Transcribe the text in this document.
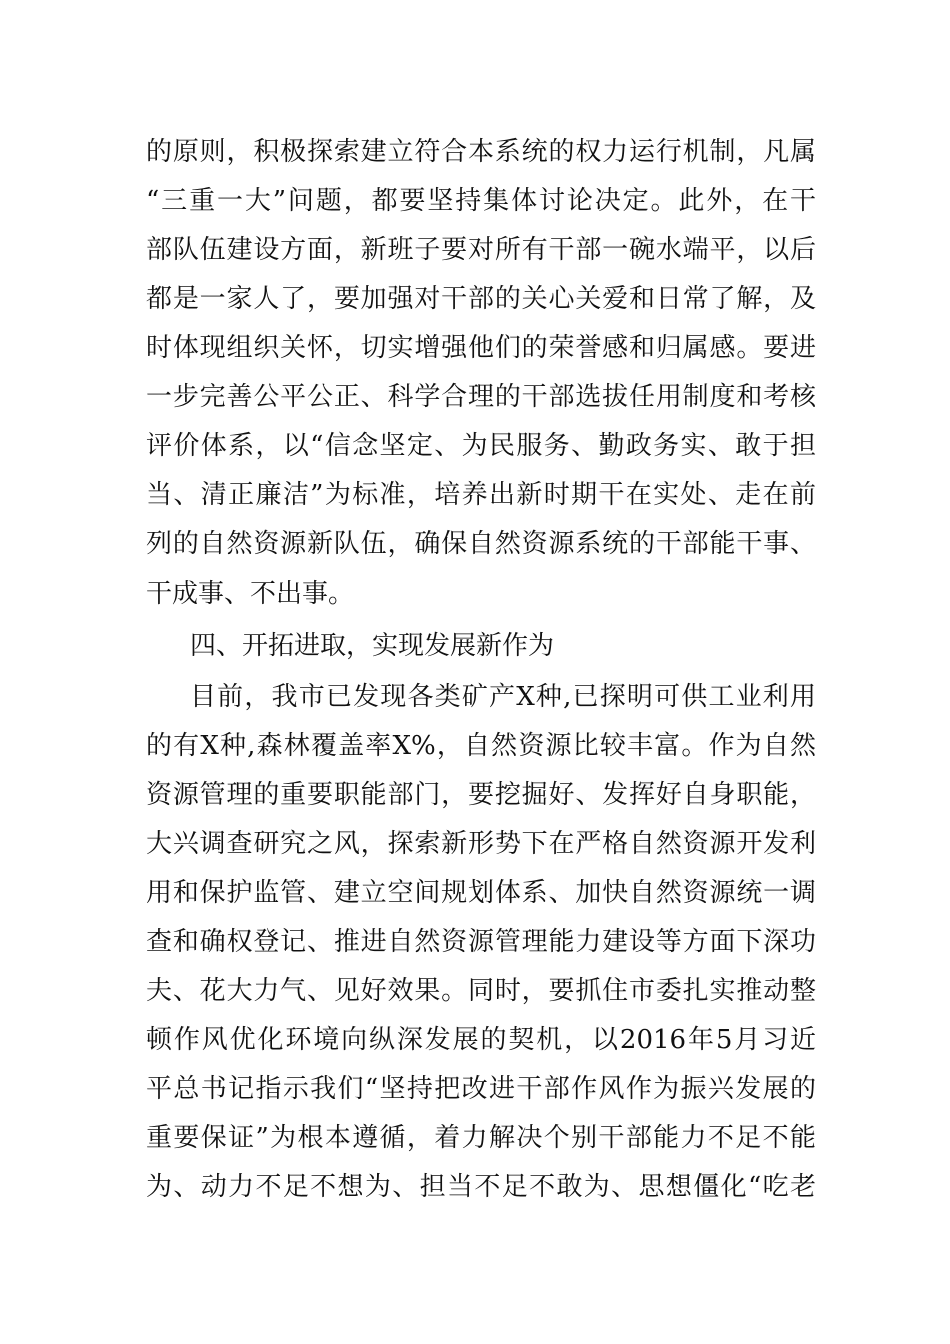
的原则，积极探索建立符合本系统的权力运行机制，凡属
“三重一大”问题，都要坚持集体讨论决定。此外，在干
部队伍建设方面，新班子要对所有干部一碗水端平，以后
都是一家人了，要加强对干部的关心关爱和日常了解，及
时体现组织关怀，切实增强他们的荣誉感和归属感。要进
一步完善公平公正、科学合理的干部选拔任用制度和考核
评价体系，以“信念坚定、为民服务、勤政务实、敢于担
当、清正廉洁”为标准，培养出新时期干在实处、走在前
列的自然资源新队伍，确保自然资源系统的干部能干事、
干成事、不出事。
四、开拓进取，实现发展新作为
目前，我市已发现各类矿产X种,已探明可供工业利用
的有X种,森林覆盖率X%，自然资源比较丰富。作为自然
资源管理的重要职能部门，要挖掘好、发挥好自身职能，
大兴调查研究之风，探索新形势下在严格自然资源开发利
用和保护监管、建立空间规划体系、加快自然资源统一调
查和确权登记、推进自然资源管理能力建设等方面下深功
夫、花大力气、见好效果。同时，要抓住市委扎实推动整
顿作风优化环境向纵深发展的契机，以2016年5月习近
平总书记指示我们“坚持把改进干部作风作为振兴发展的
重要保证”为根本遵循，着力解决个别干部能力不足不能
为、动力不足不想为、担当不足不敢为、思想僵化“吃老
